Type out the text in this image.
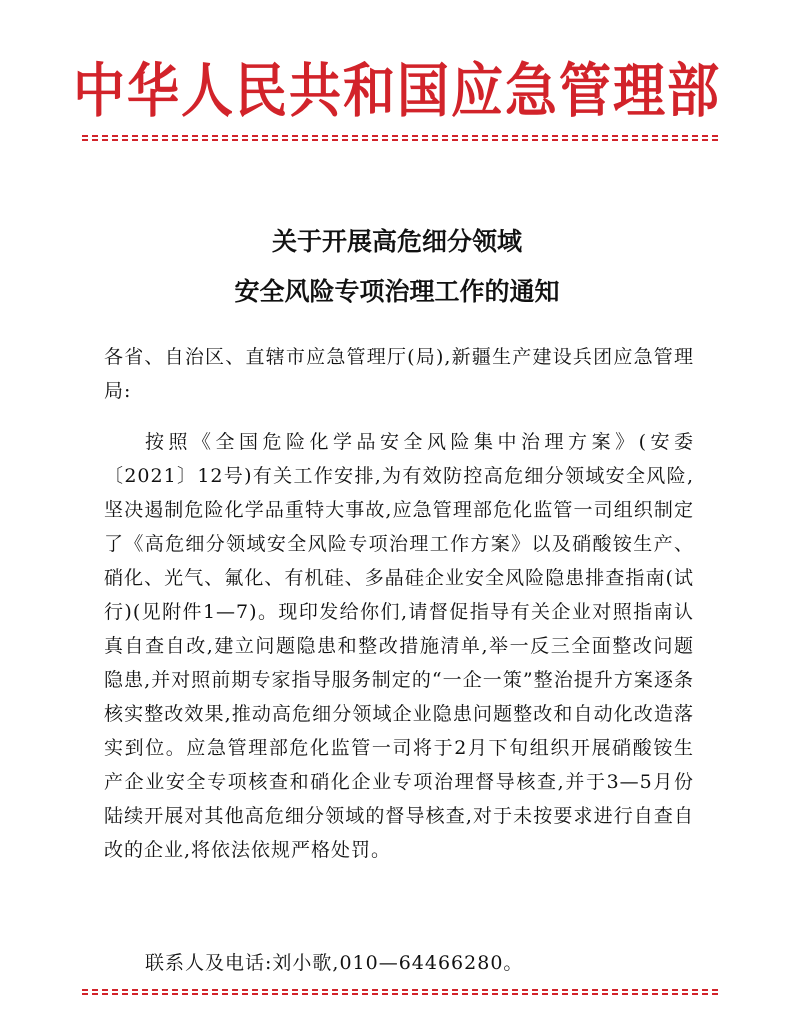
中华人民共和国应急管理部
关于开展高危细分领域
安全风险专项治理工作的通知
各省、自治区、直辖市应急管理厅(局),新疆生产建设兵团应急管理局:
按照《全国危险化学品安全风险集中治理方案》(安委〔2021〕12号)有关工作安排,为有效防控高危细分领域安全风险,坚决遏制危险化学品重特大事故,应急管理部危化监管一司组织制定了《高危细分领域安全风险专项治理工作方案》以及硝酸铵生产、硝化、光气、氟化、有机硅、多晶硅企业安全风险隐患排查指南(试行)(见附件1—7)。现印发给你们,请督促指导有关企业对照指南认真自查自改,建立问题隐患和整改措施清单,举一反三全面整改问题隐患,并对照前期专家指导服务制定的“一企一策”整治提升方案逐条核实整改效果,推动高危细分领域企业隐患问题整改和自动化改造落实到位。应急管理部危化监管一司将于2月下旬组织开展硝酸铵生产企业安全专项核查和硝化企业专项治理督导核查,并于3—5月份陆续开展对其他高危细分领域的督导核查,对于未按要求进行自查自改的企业,将依法依规严格处罚。
联系人及电话:刘小歌,010—64466280。
